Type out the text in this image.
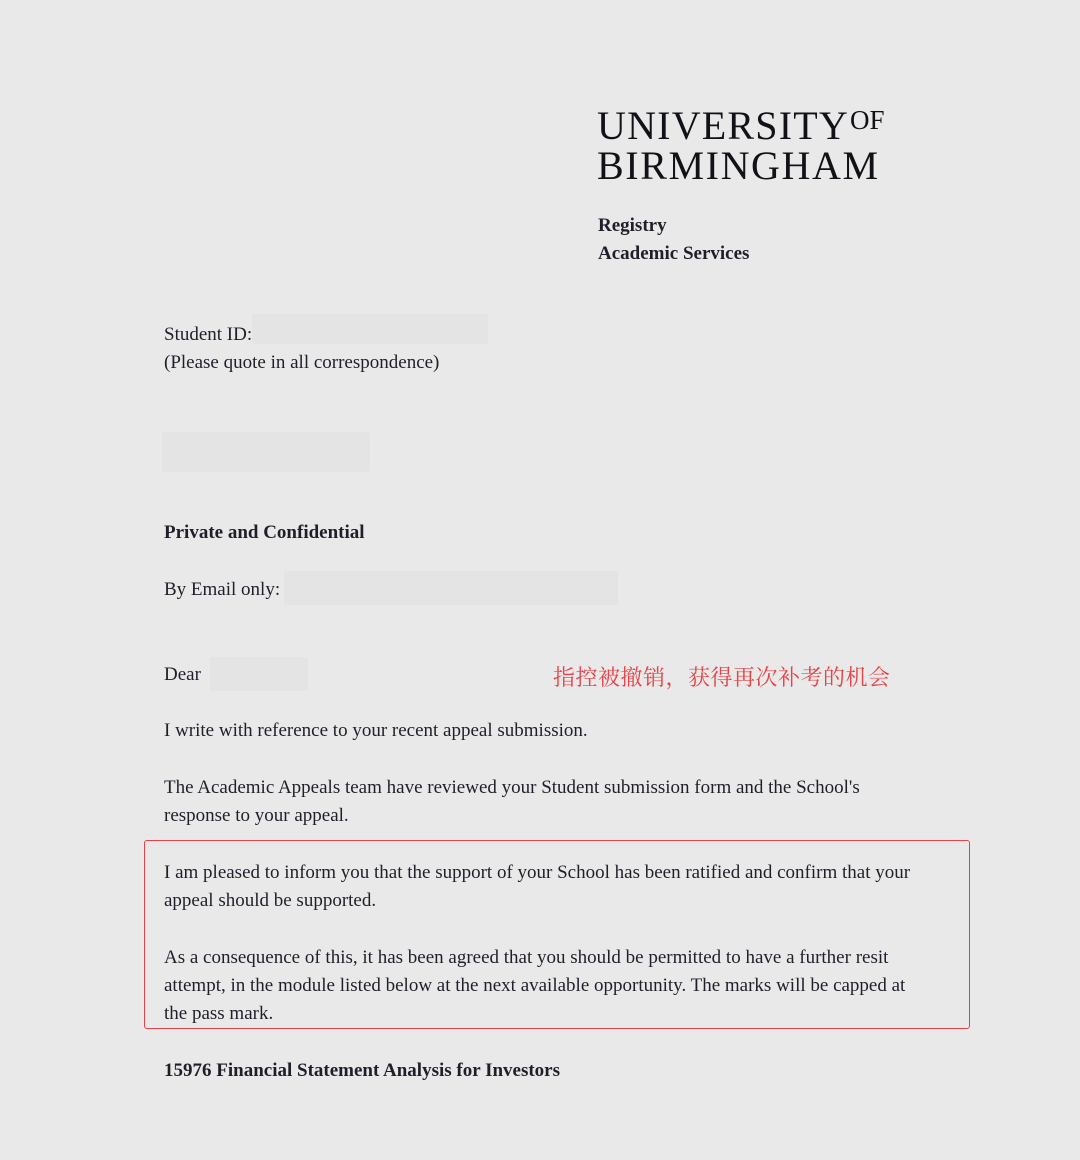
$UNIVERSITY^{OF}$
BIRMINGHAM
Registry
Academic Services
Student ID:
(Please quote in all correspondence)
Private and Confidential
By Email only:
Dear	指控被撤销，获得再次补考的机会
I write with reference to your recent appeal submission.
The Academic Appeals team have reviewed your Student submission form and the School's response to your appeal.
I am pleased to inform you that the support of your School has been ratified and confirm that your appeal should be supported.
As a consequence of this, it has been agreed that you should be permitted to have a further resit attempt, in the module listed below at the next available opportunity. The marks will be capped at the pass mark.
15976 Financial Statement Analysis for Investors
